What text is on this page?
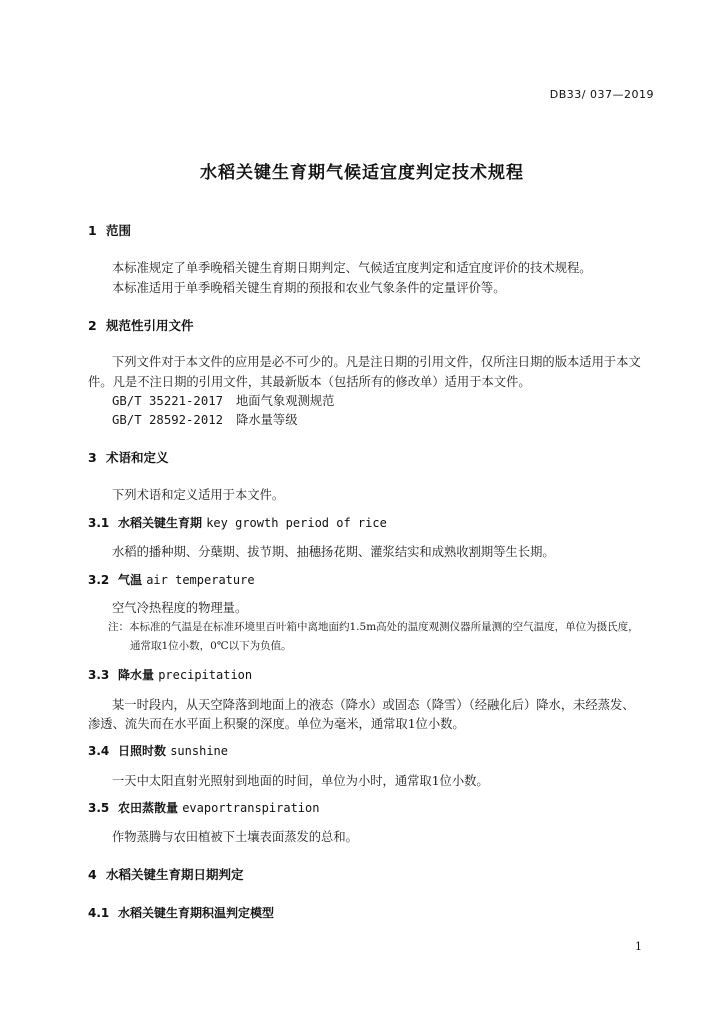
DB33/ 037—2019
水稻关键生育期气候适宜度判定技术规程
1 范围
本标准规定了单季晚稻关键生育期日期判定、气候适宜度判定和适宜度评价的技术规程。
本标准适用于单季晚稻关键生育期的预报和农业气象条件的定量评价等。
2 规范性引用文件
下列文件对于本文件的应用是必不可少的。凡是注日期的引用文件，仅所注日期的版本适用于本文
件。凡是不注日期的引用文件，其最新版本（包括所有的修改单）适用于本文件。
GB/T 35221-2017 地面气象观测规范
GB/T 28592-2012 降水量等级
3 术语和定义
下列术语和定义适用于本文件。
3.1 水稻关键生育期 key growth period of rice
水稻的播种期、分蘖期、拔节期、抽穗扬花期、灌浆结实和成熟收割期等生长期。
3.2 气温 air temperature
空气冷热程度的物理量。
注：本标准的气温是在标准环境里百叶箱中离地面约1.5m高处的温度观测仪器所量测的空气温度，单位为摄氏度，
通常取1位小数，0℃以下为负值。
3.3 降水量 precipitation
某一时段内，从天空降落到地面上的液态（降水）或固态（降雪）（经融化后）降水，未经蒸发、
渗透、流失而在水平面上积聚的深度。单位为毫米，通常取1位小数。
3.4 日照时数 sunshine
一天中太阳直射光照射到地面的时间，单位为小时，通常取1位小数。
3.5 农田蒸散量 evaportranspiration
作物蒸腾与农田植被下土壤表面蒸发的总和。
4 水稻关键生育期日期判定
4.1 水稻关键生育期积温判定模型
1
